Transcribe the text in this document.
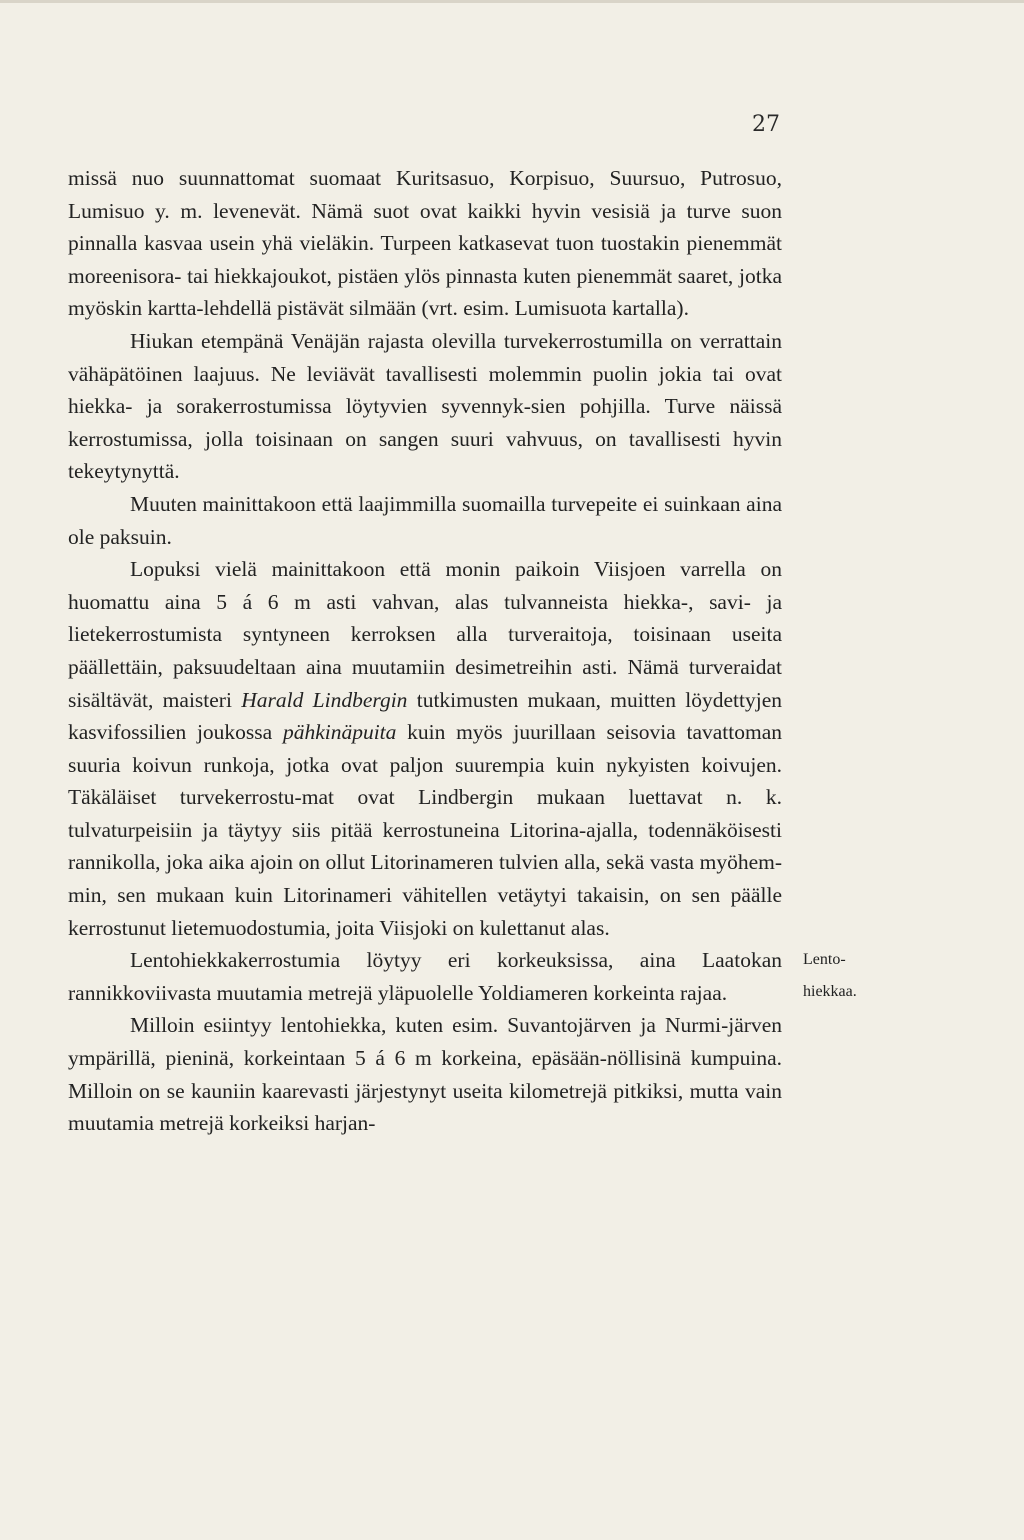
27

missä nuo suunnattomat suomaat Kuritsasuo, Korpisuo, Suursuo, Putrosuo, Lumisuo y. m. levenevät. Nämä suot ovat kaikki hyvin vesisiä ja turve suon pinnalla kasvaa usein yhä vieläkin. Turpeen katkasevat tuon tuostakin pienemmät moreenisora- tai hiekkajoukot, pistäen ylös pinnasta kuten pienemmät saaret, jotka myöskin kartta-lehdellä pistävät silmään (vrt. esim. Lumisuota kartalla).

Hiukan etempänä Venäjän rajasta olevilla turvekerrostumilla on verrattain vähäpätöinen laajuus. Ne leviävät tavallisesti molemmin puolin jokia tai ovat hiekka- ja sorakerrostumissa löytyvien syvennyk-sien pohjilla. Turve näissä kerrostumissa, jolla toisinaan on sangen suuri vahvuus, on tavallisesti hyvin tekeytynyttä.

Muuten mainittakoon että laajimmilla suomailla turvepeite ei suinkaan aina ole paksuin.

Lopuksi vielä mainittakoon että monin paikoin Viisjoen varrella on huomattu aina 5 á 6 m asti vahvan, alas tulvanneista hiekka-, savi- ja lietekerrostumista syntyneen kerroksen alla turveraitoja, toisinaan useita päällettäin, paksuudeltaan aina muutamiin desimetreihin asti. Nämä turveraidat sisältävät, maisteri Harald Lindbergin tutkimusten mukaan, muitten löydettyjen kasvifossilien joukossa pähkinäpuita kuin myös juurillaan seisovia tavattoman suuria koivun runkoja, jotka ovat paljon suurempia kuin nykyisten koivujen. Täkäläiset turvekerrostu-mat ovat Lindbergin mukaan luettavat n. k. tulvaturpeisiin ja täytyy siis pitää kerrostuneina Litorina-ajalla, todennäköisesti rannikolla, joka aika ajoin on ollut Litorinameren tulvien alla, sekä vasta myöhem-min, sen mukaan kuin Litorinameri vähitellen vetäytyi takaisin, on sen päälle kerrostunut lietemuodostumia, joita Viisjoki on kulettanut alas.

Lentohiekkakerrostumia löytyy eri korkeuksissa, aina Laatokan rannikkoviivasta muutamia metrejä yläpuolelle Yoldiameren korkeinta rajaa.

Milloin esiintyy lentohiekka, kuten esim. Suvantojärven ja Nurmi-järven ympärillä, pieninä, korkeintaan 5 á 6 m korkeina, epäsään-nöllisinä kumpuina. Milloin on se kauniin kaarevasti järjestynyt useita kilometrejä pitkiksi, mutta vain muutamia metrejä korkeiksi harjan-

Lento-
hiekkaa.
